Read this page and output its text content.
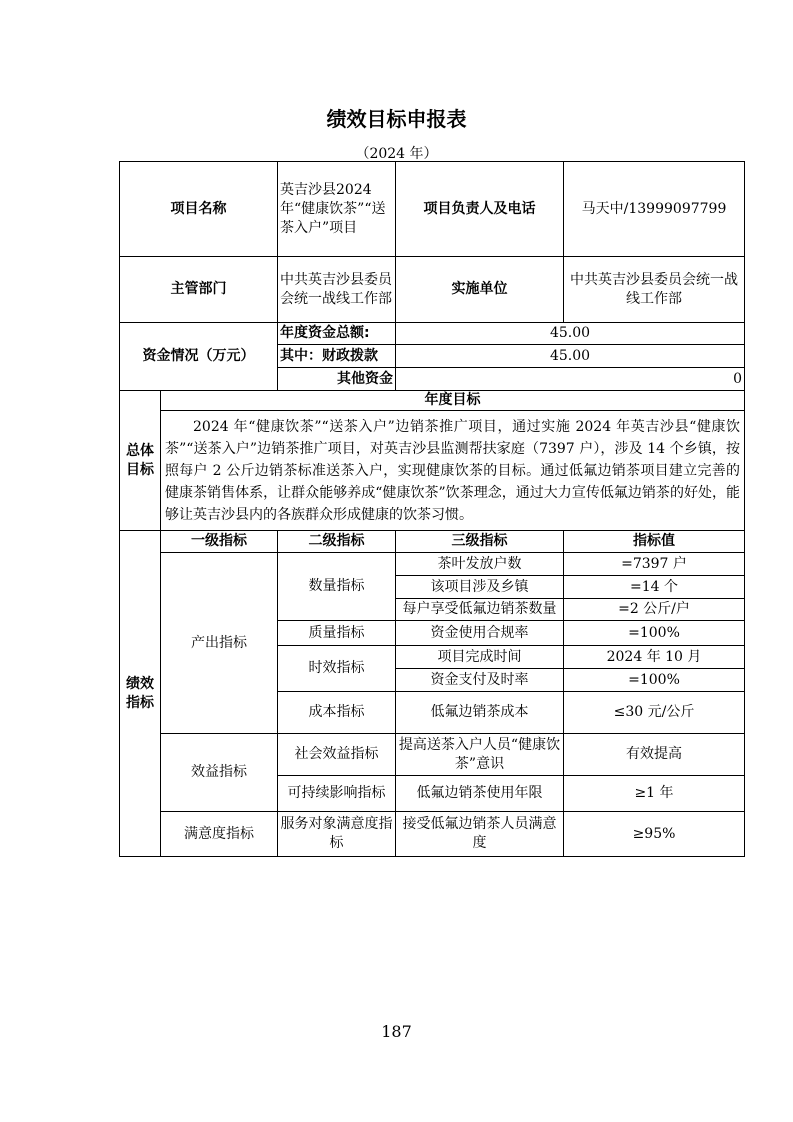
绩效目标申报表
（2024 年）
项目名称		英吉沙县2024年“健康饮茶”“送茶入户”项目	项目负责人及电话	马天中/13999097799
主管部门		中共英吉沙县委员会统一战线工作部	实施单位	中共英吉沙县委员会统一战线工作部
资金情况（万元）		年度资金总额:	45.00	
		其中：财政拨款	45.00	
		其他资金	0	
总体目标	年度目标			
	2024 年“健康饮茶”“送茶入户”边销茶推广项目，通过实施 2024 年英吉沙县“健康饮茶”“送茶入户”边销茶推广项目，对英吉沙县监测帮扶家庭（7397 户），涉及 14 个乡镇，按照每户 2 公斤边销茶标准送茶入户，实现健康饮茶的目标。通过低氟边销茶项目建立完善的健康茶销售体系，让群众能够养成“健康饮茶”饮茶理念，通过大力宣传低氟边销茶的好处，能够让英吉沙县内的各族群众形成健康的饮茶习惯。			
绩效指标	一级指标	二级指标	三级指标	指标值
	产出指标	数量指标	茶叶发放户数	=7397 户
			该项目涉及乡镇	=14 个
			每户享受低氟边销茶数量	=2 公斤/户
		质量指标	资金使用合规率	=100%
		时效指标	项目完成时间	2024 年 10 月
			资金支付及时率	=100%
		成本指标	低氟边销茶成本	≤30 元/公斤
	效益指标	社会效益指标	提高送茶入户人员“健康饮茶”意识	有效提高
		可持续影响指标	低氟边销茶使用年限	≥1 年
	满意度指标	服务对象满意度指标	接受低氟边销茶人员满意度	≥95%
187
